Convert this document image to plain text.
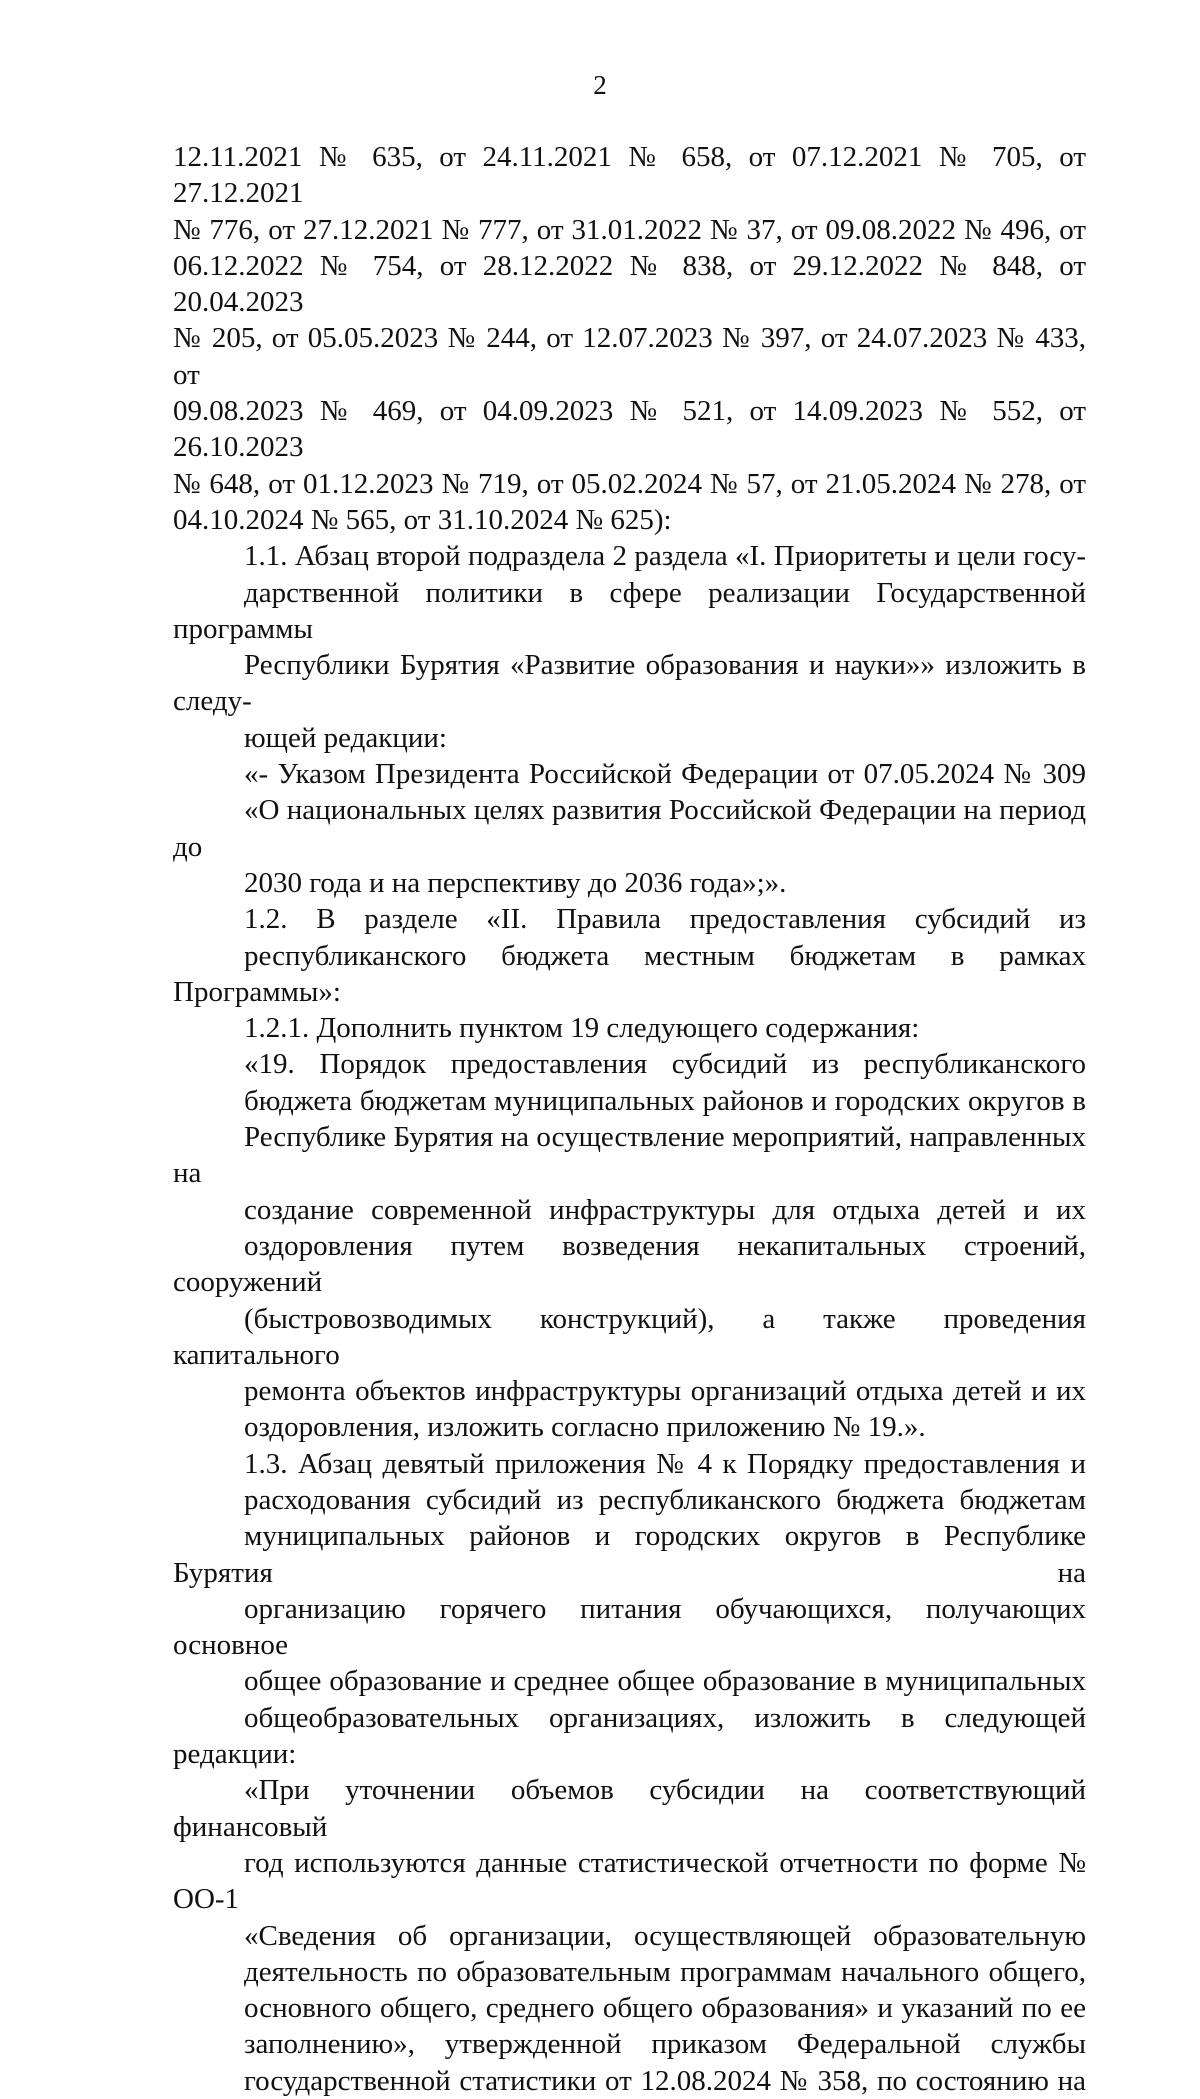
2
12.11.2021 № 635, от 24.11.2021 № 658, от 07.12.2021 № 705, от 27.12.2021
№ 776, от 27.12.2021 № 777, от 31.01.2022 № 37, от 09.08.2022 № 496, от
06.12.2022 № 754, от 28.12.2022 № 838, от 29.12.2022 № 848, от 20.04.2023
№ 205, от 05.05.2023 № 244, от 12.07.2023 № 397, от 24.07.2023 № 433, от
09.08.2023 № 469, от 04.09.2023 № 521, от 14.09.2023 № 552, от 26.10.2023
№ 648, от 01.12.2023 № 719, от 05.02.2024 № 57, от 21.05.2024 № 278, от
04.10.2024 № 565, от 31.10.2024 № 625):
1.1. Абзац второй подраздела 2 раздела «I. Приоритеты и цели госу-
дарственной политики в сфере реализации Государственной программы
Республики Бурятия «Развитие образования и науки»» изложить в следу-
ющей редакции:
«- Указом Президента Российской Федерации от 07.05.2024 № 309
«О национальных целях развития Российской Федерации на период до
2030 года и на перспективу до 2036 года»;».
1.2. В разделе «II. Правила предоставления субсидий из
республиканского бюджета местным бюджетам в рамках Программы»:
1.2.1. Дополнить пунктом 19 следующего содержания:
«19. Порядок предоставления субсидий из республиканского
бюджета бюджетам муниципальных районов и городских округов в
Республике Бурятия на осуществление мероприятий, направленных на
создание современной инфраструктуры для отдыха детей и их
оздоровления путем возведения некапитальных строений, сооружений
(быстровозводимых конструкций), а также проведения капитального
ремонта объектов инфраструктуры организаций отдыха детей и их
оздоровления, изложить согласно приложению № 19.».
1.3. Абзац девятый приложения № 4 к Порядку предоставления и
расходования субсидий из республиканского бюджета бюджетам
муниципальных районов и городских округов в Республике Бурятия на
организацию горячего питания обучающихся, получающих основное
общее образование и среднее общее образование в муниципальных
общеобразовательных организациях, изложить в следующей редакции:
«При уточнении объемов субсидии на соответствующий финансовый
год используются данные статистической отчетности по форме № ОО-1
«Сведения об организации, осуществляющей образовательную
деятельность по образовательным программам начального общего,
основного общего, среднего общего образования» и указаний по ее
заполнению», утвержденной приказом Федеральной службы
государственной статистики от 12.08.2024 № 358, по состоянию на
